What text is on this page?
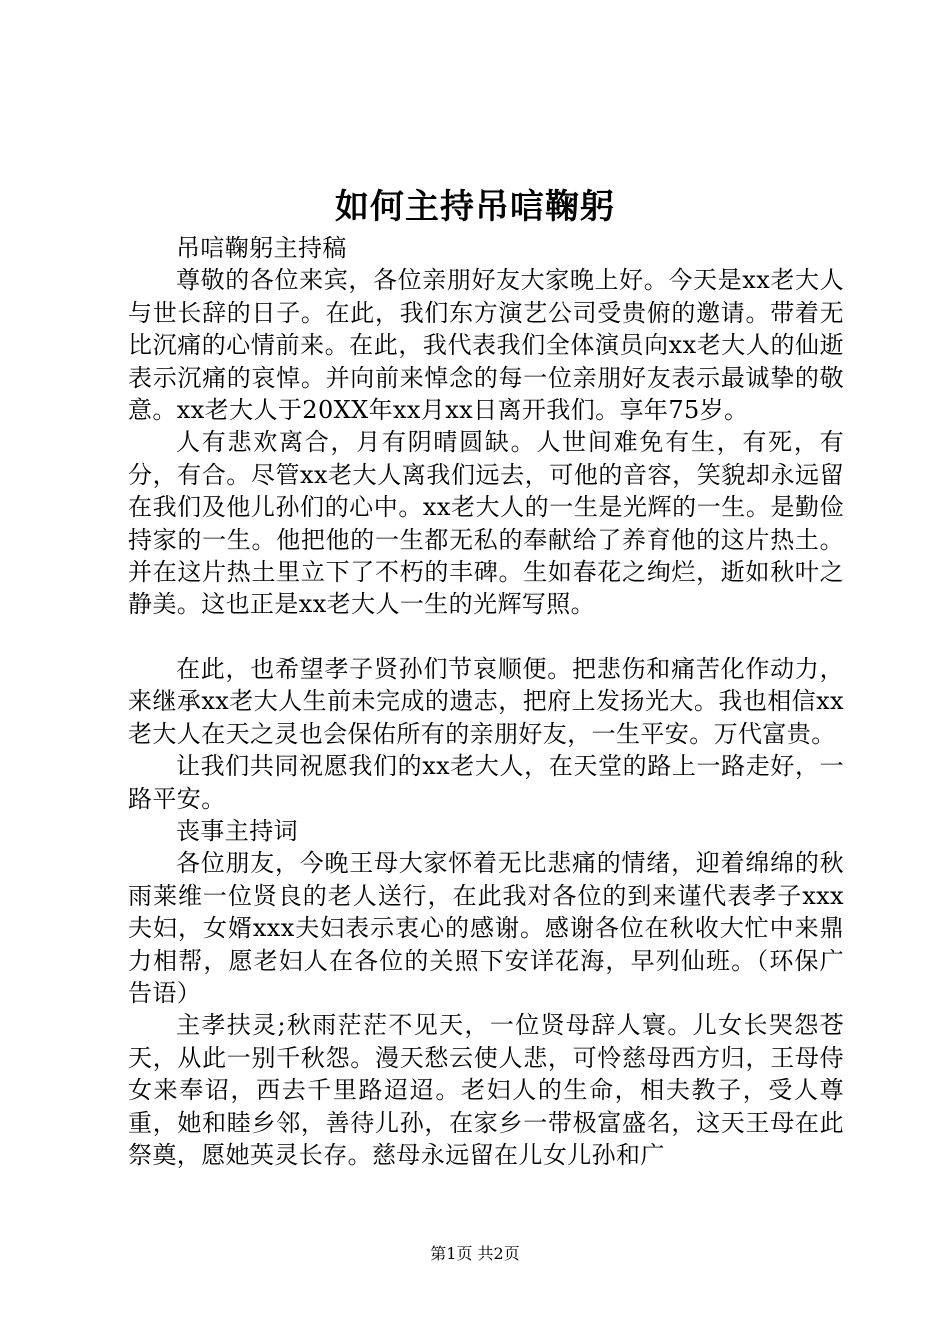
如何主持吊唁鞠躬

吊唁鞠躬主持稿

尊敬的各位来宾，各位亲朋好友大家晚上好。今天是xx老大人与世长辞的日子。在此，我们东方演艺公司受贵俯的邀请。带着无比沉痛的心情前来。在此，我代表我们全体演员向xx老大人的仙逝表示沉痛的哀悼。并向前来悼念的每一位亲朋好友表示最诚挚的敬意。xx老大人于20XX年xx月xx日离开我们。享年75岁。

人有悲欢离合，月有阴晴圆缺。人世间难免有生，有死，有分，有合。尽管xx老大人离我们远去，可他的音容，笑貌却永远留在我们及他儿孙们的心中。xx老大人的一生是光辉的一生。是勤俭持家的一生。他把他的一生都无私的奉献给了养育他的这片热土。并在这片热土里立下了不朽的丰碑。生如春花之绚烂，逝如秋叶之静美。这也正是xx老大人一生的光辉写照。

在此，也希望孝子贤孙们节哀顺便。把悲伤和痛苦化作动力，来继承xx老大人生前未完成的遗志，把府上发扬光大。我也相信xx老大人在天之灵也会保佑所有的亲朋好友，一生平安。万代富贵。

让我们共同祝愿我们的xx老大人，在天堂的路上一路走好，一路平安。

丧事主持词

各位朋友，今晚王母大家怀着无比悲痛的情绪，迎着绵绵的秋雨莱维一位贤良的老人送行，在此我对各位的到来谨代表孝子xxx夫妇，女婿xxx夫妇表示衷心的感谢。感谢各位在秋收大忙中来鼎力相帮，愿老妇人在各位的关照下安详花海，早列仙班。（环保广告语）

主孝扶灵;秋雨茫茫不见天，一位贤母辞人寰。儿女长哭怨苍天，从此一别千秋怨。漫天愁云使人悲，可怜慈母西方归，王母侍女来奉诏，西去千里路迢迢。老妇人的生命，相夫教子，受人尊重，她和睦乡邻，善待儿孙，在家乡一带极富盛名，这天王母在此祭奠，愿她英灵长存。慈母永远留在儿女儿孙和广

第1页 共2页
